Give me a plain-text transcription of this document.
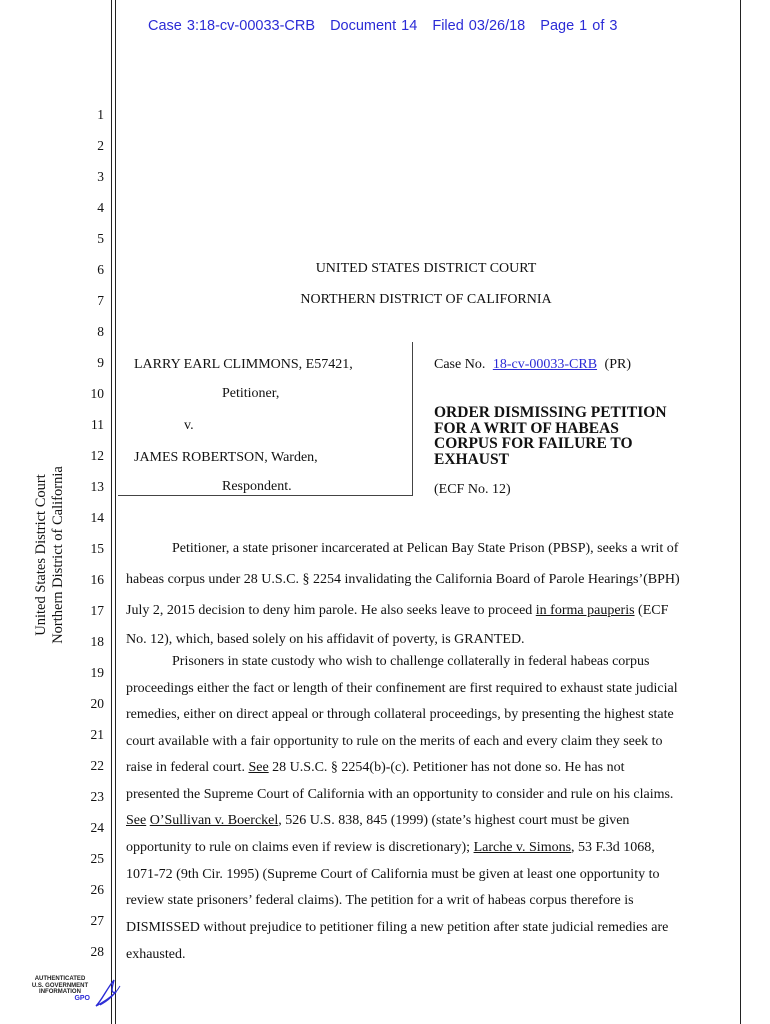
Case 3:18-cv-00033-CRB Document 14 Filed 03/26/18 Page 1 of 3
1
2
3
4
5
6
7
8
9
10
11
12
13
14
15
16
17
18
19
20
21
22
23
24
25
26
27
28
United States District Court Northern District of California
UNITED STATES DISTRICT COURT
NORTHERN DISTRICT OF CALIFORNIA
LARRY EARL CLIMMONS, E57421,
Petitioner,
v.
JAMES ROBERTSON, Warden,
Respondent.
Case No. 18-cv-00033-CRB (PR)
ORDER DISMISSING PETITION
FOR A WRIT OF HABEAS
CORPUS FOR FAILURE TO
EXHAUST
(ECF No. 12)
Petitioner, a state prisoner incarcerated at Pelican Bay State Prison (PBSP), seeks a writ of
habeas corpus under 28 U.S.C. § 2254 invalidating the California Board of Parole Hearings’(BPH)
July 2, 2015 decision to deny him parole. He also seeks leave to proceed in forma pauperis (ECF
No. 12), which, based solely on his affidavit of poverty, is GRANTED.
Prisoners in state custody who wish to challenge collaterally in federal habeas corpus
proceedings either the fact or length of their confinement are first required to exhaust state judicial
remedies, either on direct appeal or through collateral proceedings, by presenting the highest state
court available with a fair opportunity to rule on the merits of each and every claim they seek to
raise in federal court. See 28 U.S.C. § 2254(b)-(c). Petitioner has not done so. He has not
presented the Supreme Court of California with an opportunity to consider and rule on his claims.
See O’Sullivan v. Boerckel, 526 U.S. 838, 845 (1999) (state’s highest court must be given
opportunity to rule on claims even if review is discretionary); Larche v. Simons, 53 F.3d 1068,
1071-72 (9th Cir. 1995) (Supreme Court of California must be given at least one opportunity to
review state prisoners’ federal claims). The petition for a writ of habeas corpus therefore is
DISMISSED without prejudice to petitioner filing a new petition after state judicial remedies are
exhausted.
AUTHENTICATED
U.S. GOVERNMENT
INFORMATION
GPO
